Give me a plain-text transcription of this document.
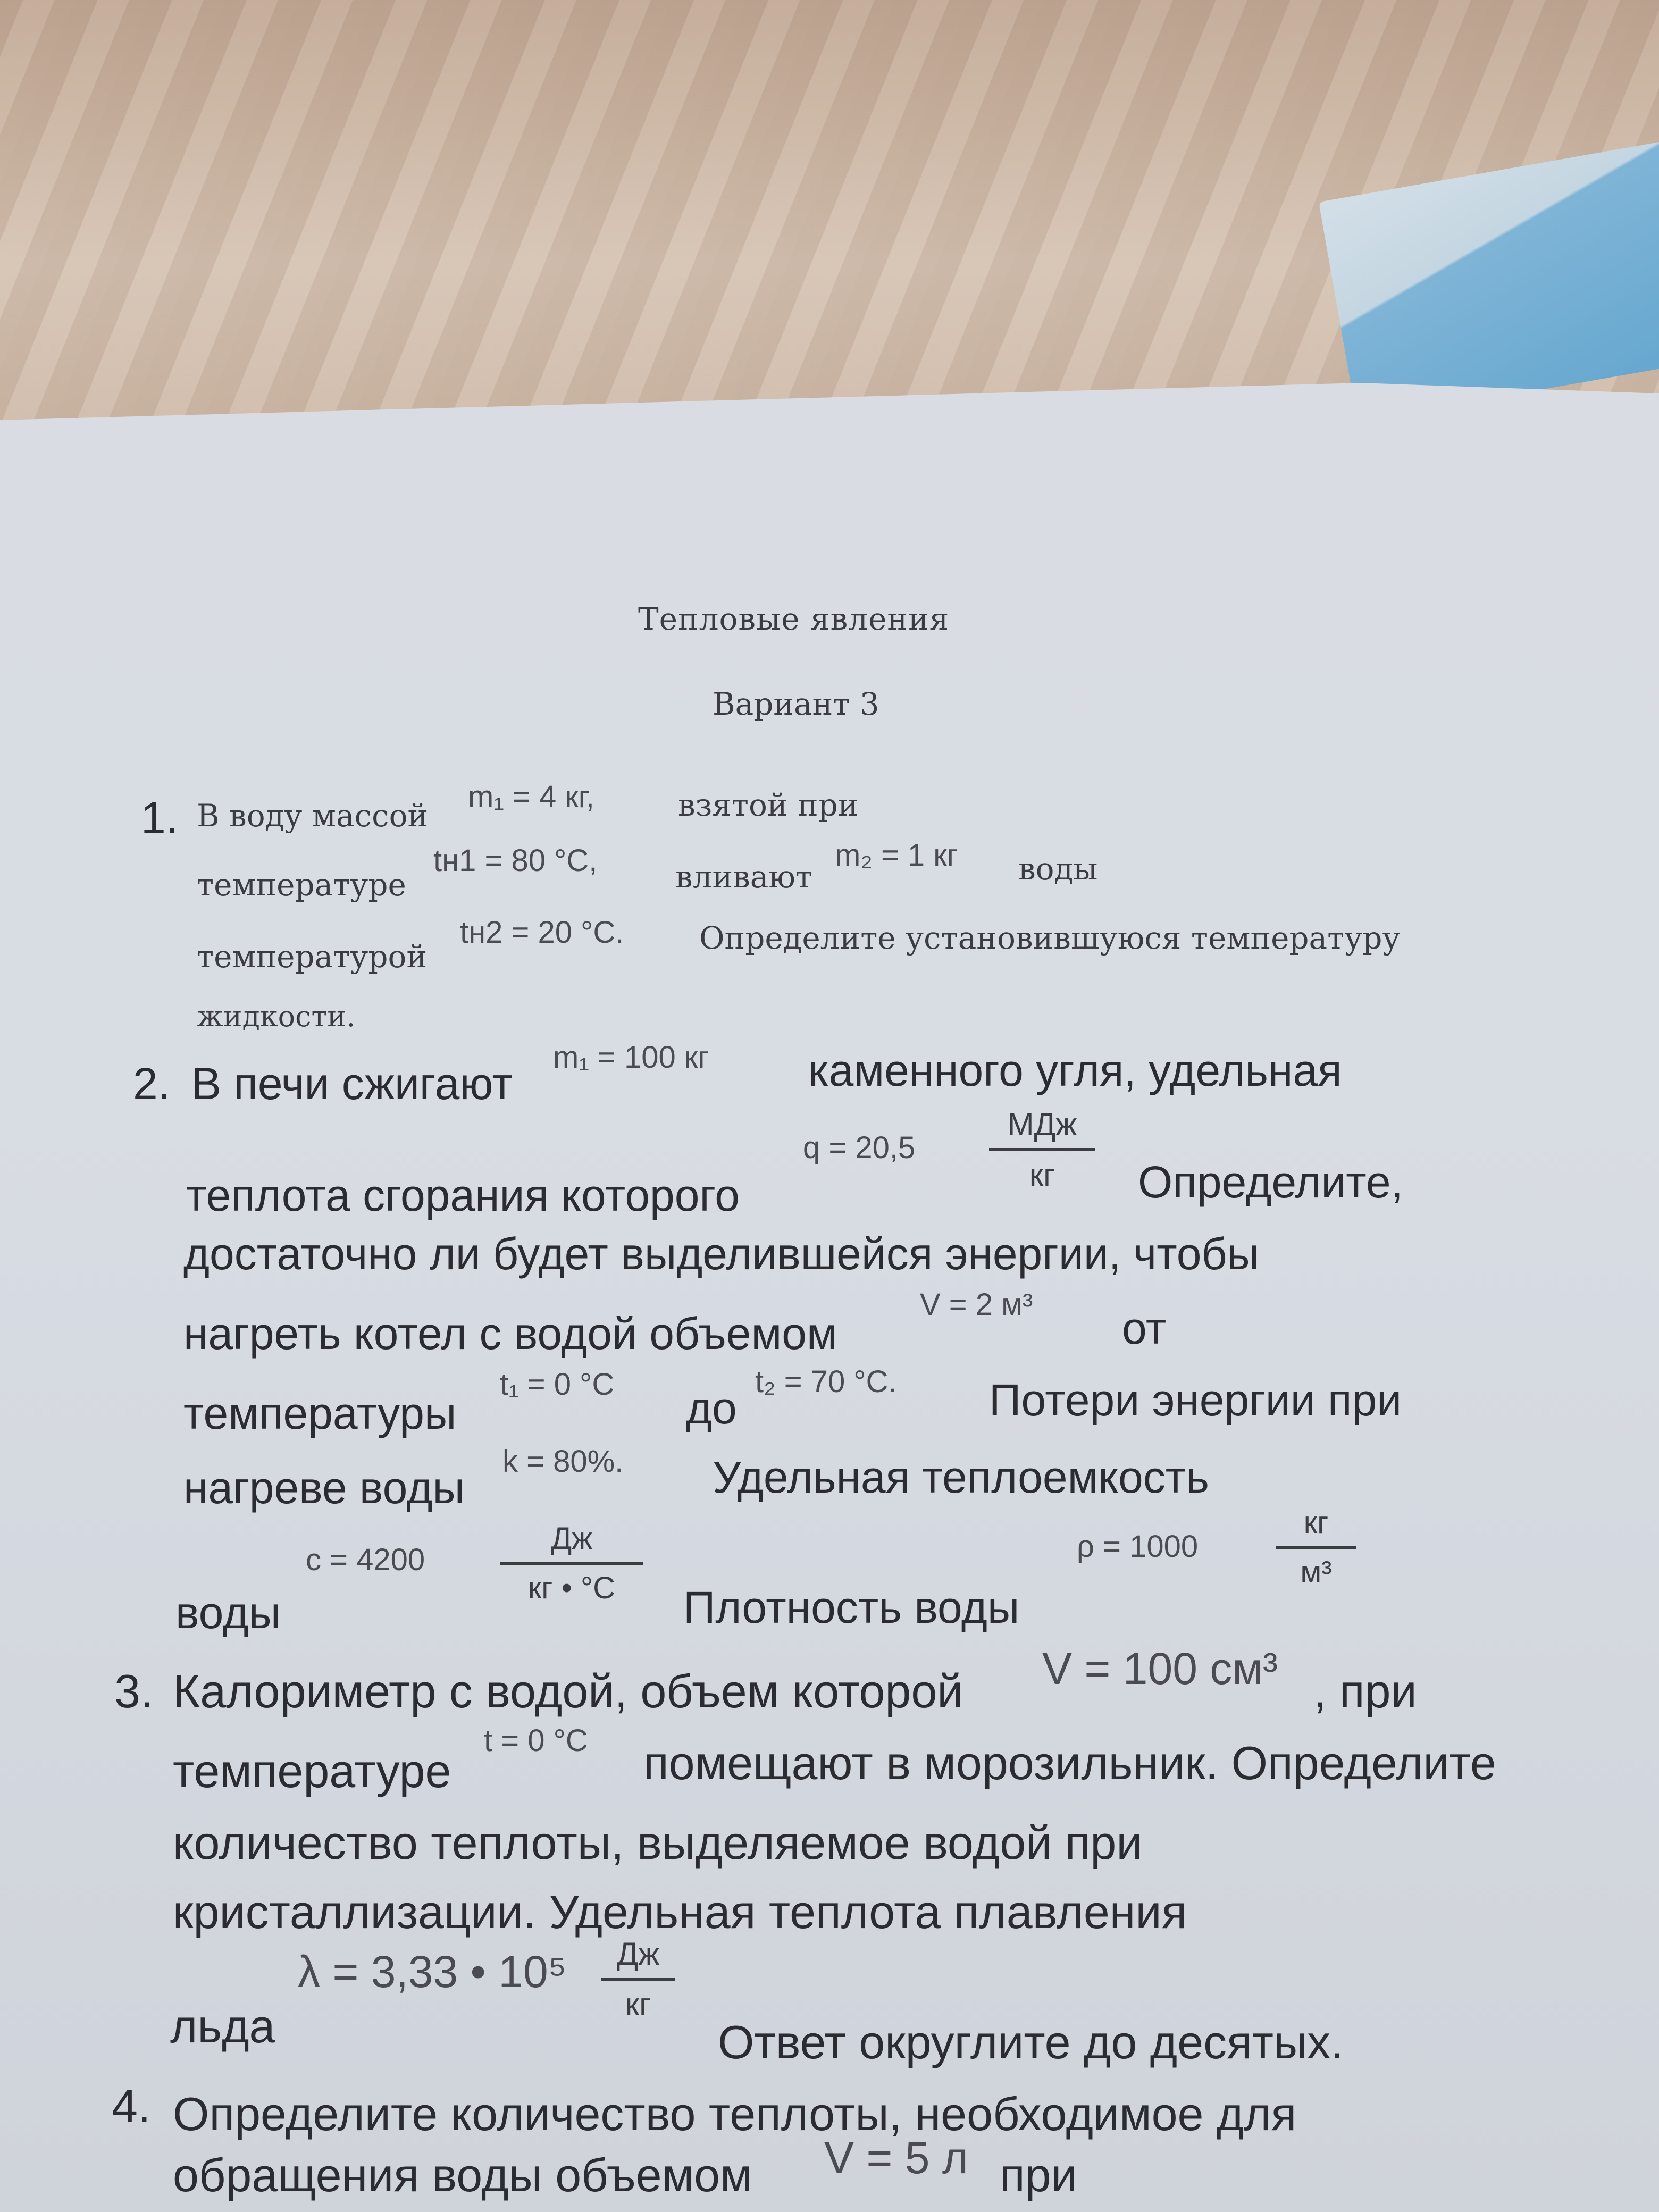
Тепловые явления
Вариант 3
1. В воду массой
m₁ = 4 кг,	взятой при
температуре
tн1 = 80 °С,	вливают
m₂ = 1 кг воды
температурой
tн2 = 20 °С. Определите установившуюся температуру
жидкости.
2. В печи сжигают
m₁ = 100 кг каменного угля, удельная
теплота сгорания которого
q = 20,5
МДж
кг	Определите,
достаточно ли будет выделившейся энергии, чтобы
нагреть котел с водой объемом
V = 2 м³ от
температуры
t₁ = 0 °С до
t₂ = 70 °С. Потери энергии при
нагреве воды
k = 80%. Удельная теплоемкость
воды
c = 4200
Дж
кг • °С	Плотность воды
ρ = 1000
кг
м³
3. Калориметр с водой, объем которой V = 100 см³ , при
температуре
t = 0 °С помещают в морозильник. Определите
количество теплоты, выделяемое водой при
кристаллизации. Удельная теплота плавления
льда
λ = 3,33 • 10⁵	Дж
кг
Ответ округлите до десятых.
4. Определите количество теплоты, необходимое для
обращения воды объемом V = 5 л при
